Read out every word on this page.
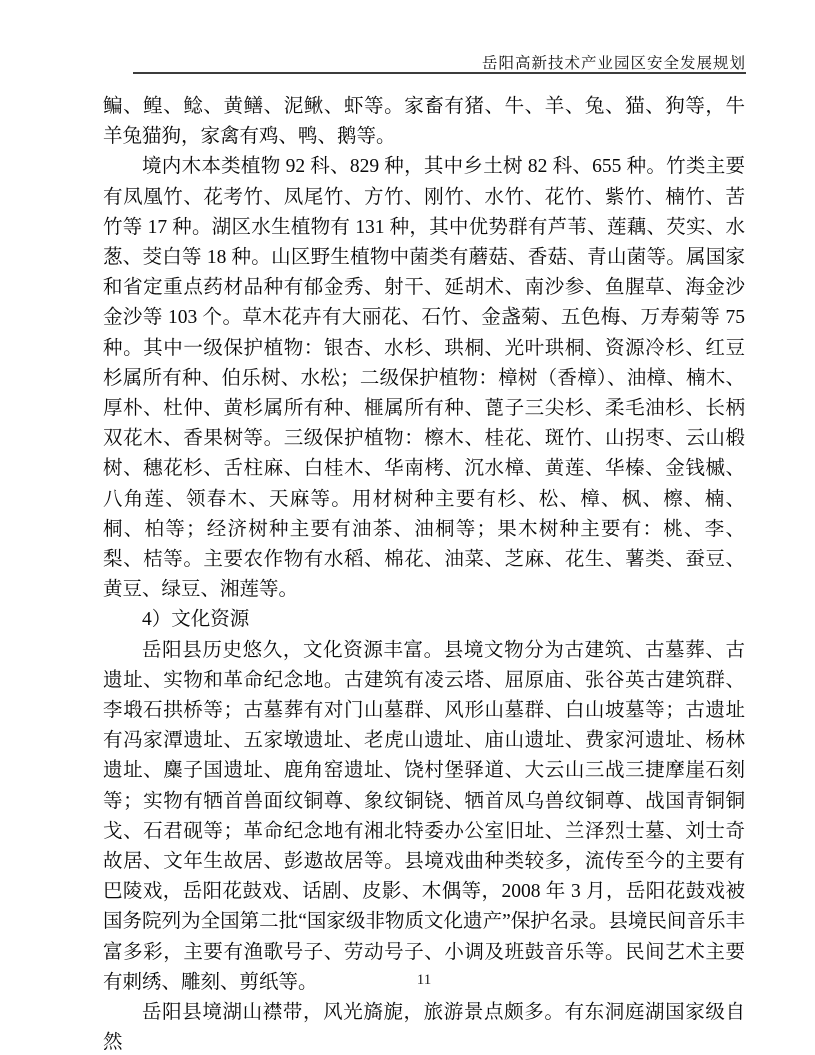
岳阳高新技术产业园区安全发展规划

鳊、鳇、鲶、黄鳝、泥鳅、虾等。家畜有猪、牛、羊、兔、猫、狗等，牛羊兔猫狗，家禽有鸡、鸭、鹅等。

境内木本类植物 92 科、829 种，其中乡土树 82 科、655 种。竹类主要有凤凰竹、花考竹、凤尾竹、方竹、刚竹、水竹、花竹、紫竹、楠竹、苦竹等 17 种。湖区水生植物有 131 种，其中优势群有芦苇、莲藕、芡实、水葱、茭白等 18 种。山区野生植物中菌类有蘑菇、香菇、青山菌等。属国家和省定重点药材品种有郁金秀、射干、延胡术、南沙参、鱼腥草、海金沙金沙等 103 个。草木花卉有大丽花、石竹、金盏菊、五色梅、万寿菊等 75 种。其中一级保护植物：银杏、水杉、珙桐、光叶珙桐、资源冷杉、红豆杉属所有种、伯乐树、水松；二级保护植物：樟树（香樟）、油樟、楠木、厚朴、杜仲、黄杉属所有种、榧属所有种、蓖子三尖杉、柔毛油杉、长柄双花木、香果树等。三级保护植物：檫木、桂花、斑竹、山拐枣、云山椴树、穗花杉、舌柱麻、白桂木、华南栲、沉水樟、黄莲、华榛、金钱槭、八角莲、领春木、天麻等。用材树种主要有杉、松、樟、枫、檫、楠、桐、柏等；经济树种主要有油茶、油桐等；果木树种主要有：桃、李、梨、桔等。主要农作物有水稻、棉花、油菜、芝麻、花生、薯类、蚕豆、黄豆、绿豆、湘莲等。

4）文化资源

岳阳县历史悠久，文化资源丰富。县境文物分为古建筑、古墓葬、古遗址、实物和革命纪念地。古建筑有凌云塔、屈原庙、张谷英古建筑群、李塅石拱桥等；古墓葬有对门山墓群、风形山墓群、白山坡墓等；古遗址有冯家潭遗址、五家墩遗址、老虎山遗址、庙山遗址、费家河遗址、杨林遗址、麋子国遗址、鹿角窑遗址、饶村堡驿道、大云山三战三捷摩崖石刻等；实物有牺首兽面纹铜尊、象纹铜铙、牺首凤乌兽纹铜尊、战国青铜铜戈、石君砚等；革命纪念地有湘北特委办公室旧址、兰泽烈士墓、刘士奇故居、文年生故居、彭遨故居等。县境戏曲种类较多，流传至今的主要有巴陵戏，岳阳花鼓戏、话剧、皮影、木偶等，2008 年 3 月，岳阳花鼓戏被国务院列为全国第二批“国家级非物质文化遗产”保护名录。县境民间音乐丰富多彩，主要有渔歌号子、劳动号子、小调及班鼓音乐等。民间艺术主要有刺绣、雕刻、剪纸等。

岳阳县境湖山襟带，风光旖旎，旅游景点颇多。有东洞庭湖国家级自然

11
